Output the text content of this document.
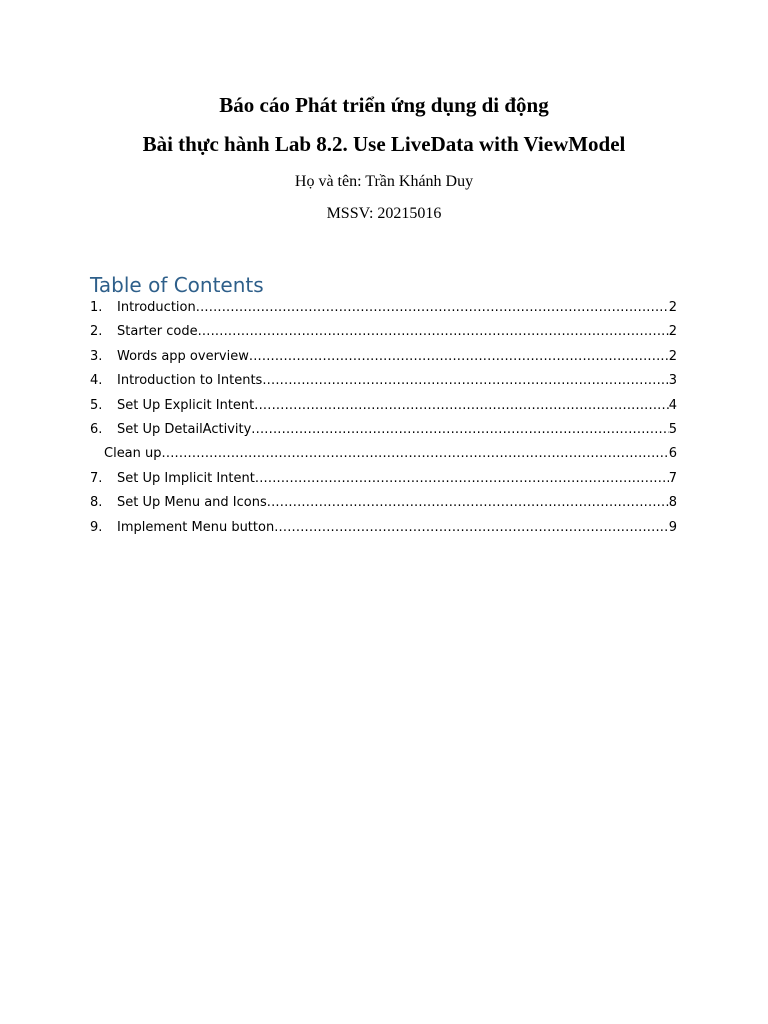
Báo cáo Phát triển ứng dụng di động
Bài thực hành Lab 8.2. Use LiveData with ViewModel
Họ và tên: Trần Khánh Duy
MSSV: 20215016
Table of Contents
1.	Introduction .....	2
2.	Starter code .....	2
3.	Words app overview .....	2
4.	Introduction to Intents .....	3
5.	Set Up Explicit Intent .....	4
6.	Set Up DetailActivity .....	5
Clean up .....	6
7.	Set Up Implicit Intent .....	7
8.	Set Up Menu and Icons .....	8
9.	Implement Menu button .....	9
